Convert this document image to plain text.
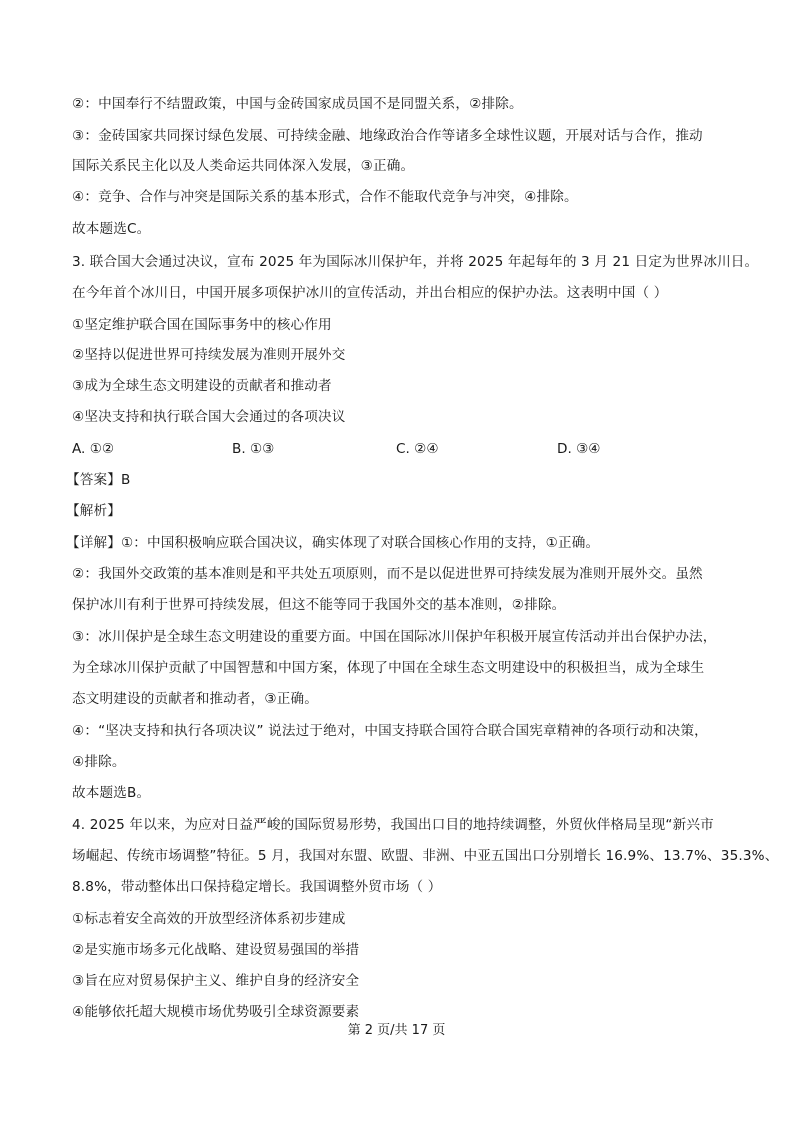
②：中国奉行不结盟政策，中国与金砖国家成员国不是同盟关系，②排除。
③：金砖国家共同探讨绿色发展、可持续金融、地缘政治合作等诸多全球性议题，开展对话与合作，推动
国际关系民主化以及人类命运共同体深入发展，③正确。
④：竞争、合作与冲突是国际关系的基本形式，合作不能取代竞争与冲突，④排除。
故本题选C。
3. 联合国大会通过决议，宣布 2025 年为国际冰川保护年，并将 2025 年起每年的 3 月 21 日定为世界冰川日。
在今年首个冰川日，中国开展多项保护冰川的宣传活动，并出台相应的保护办法。这表明中国（ ）
①坚定维护联合国在国际事务中的核心作用
②坚持以促进世界可持续发展为准则开展外交
③成为全球生态文明建设的贡献者和推动者
④坚决支持和执行联合国大会通过的各项决议
A. ①②	B. ①③	C. ②④	D. ③④
【答案】B
【解析】
【详解】①：中国积极响应联合国决议，确实体现了对联合国核心作用的支持，①正确。
②：我国外交政策的基本准则是和平共处五项原则，而不是以促进世界可持续发展为准则开展外交。虽然
保护冰川有利于世界可持续发展，但这不能等同于我国外交的基本准则，②排除。
③：冰川保护是全球生态文明建设的重要方面。中国在国际冰川保护年积极开展宣传活动并出台保护办法，
为全球冰川保护贡献了中国智慧和中国方案，体现了中国在全球生态文明建设中的积极担当，成为全球生
态文明建设的贡献者和推动者，③正确。
④：“坚决支持和执行各项决议” 说法过于绝对，中国支持联合国符合联合国宪章精神的各项行动和决策，
④排除。
故本题选B。
4. 2025 年以来，为应对日益严峻的国际贸易形势，我国出口目的地持续调整，外贸伙伴格局呈现“新兴市
场崛起、传统市场调整”特征。5 月，我国对东盟、欧盟、非洲、中亚五国出口分别增长 16.9%、13.7%、35.3%、
8.8%，带动整体出口保持稳定增长。我国调整外贸市场（ ）
①标志着安全高效的开放型经济体系初步建成
②是实施市场多元化战略、建设贸易强国的举措
③旨在应对贸易保护主义、维护自身的经济安全
④能够依托超大规模市场优势吸引全球资源要素
第 2 页/共 17 页
